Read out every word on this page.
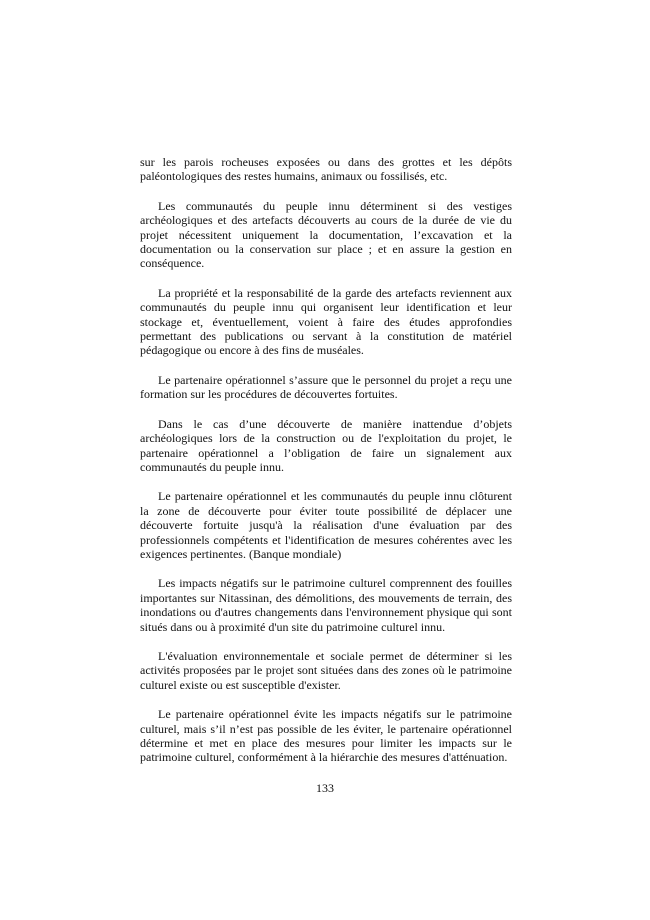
sur les parois rocheuses exposées ou dans des grottes et les dépôts paléontologiques des restes humains, animaux ou fossilisés, etc.

Les communautés du peuple innu déterminent si des vestiges archéologiques et des artefacts découverts au cours de la durée de vie du projet nécessitent uniquement la documentation, l’excavation et la documentation ou la conservation sur place ; et en assure la gestion en conséquence.

La propriété et la responsabilité de la garde des artefacts reviennent aux communautés du peuple innu qui organisent leur identification et leur stockage et, éventuellement, voient à faire des études approfondies permettant des publications ou servant à la constitution de matériel pédagogique ou encore à des fins de muséales.

Le partenaire opérationnel s’assure que le personnel du projet a reçu une formation sur les procédures de découvertes fortuites.

Dans le cas d’une découverte de manière inattendue d’objets archéologiques lors de la construction ou de l'exploitation du projet, le partenaire opérationnel a l’obligation de faire un signalement aux communautés du peuple innu.

Le partenaire opérationnel et les communautés du peuple innu clôturent la zone de découverte pour éviter toute possibilité de déplacer une découverte fortuite jusqu'à la réalisation d'une évaluation par des professionnels compétents et l'identification de mesures cohérentes avec les exigences pertinentes. (Banque mondiale)

Les impacts négatifs sur le patrimoine culturel comprennent des fouilles importantes sur Nitassinan, des démolitions, des mouvements de terrain, des inondations ou d'autres changements dans l'environnement physique qui sont situés dans ou à proximité d'un site du patrimoine culturel innu.

L'évaluation environnementale et sociale permet de déterminer si les activités proposées par le projet sont situées dans des zones où le patrimoine culturel existe ou est susceptible d'exister.

Le partenaire opérationnel évite les impacts négatifs sur le patrimoine culturel, mais s’il n’est pas possible de les éviter, le partenaire opérationnel détermine et met en place des mesures pour limiter les impacts sur le patrimoine culturel, conformément à la hiérarchie des mesures d'atténuation.

133
